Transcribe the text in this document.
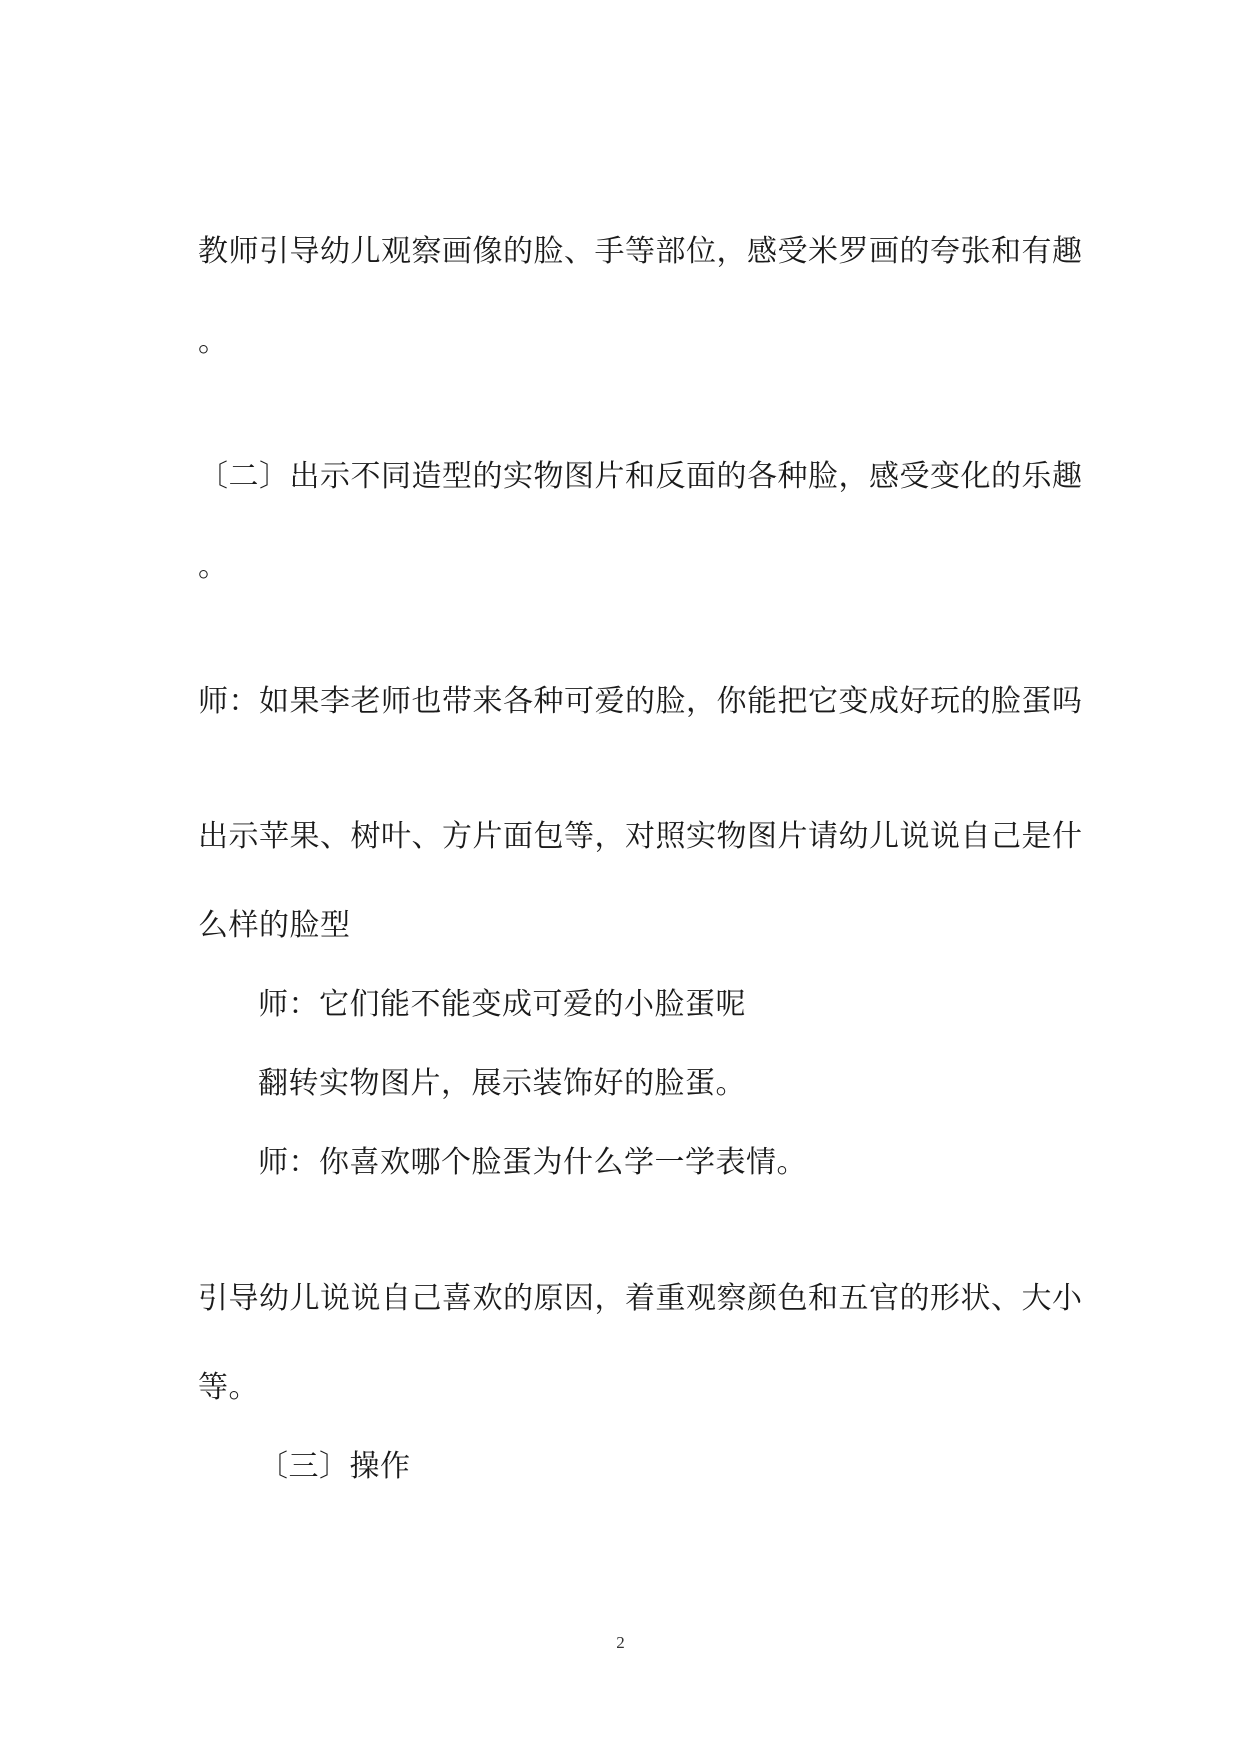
教师引导幼儿观察画像的脸、手等部位，感受米罗画的夸张和有趣
。
〔二〕出示不同造型的实物图片和反面的各种脸，感受变化的乐趣
。
师：如果李老师也带来各种可爱的脸，你能把它变成好玩的脸蛋吗
出示苹果、树叶、方片面包等，对照实物图片请幼儿说说自己是什
么样的脸型
师：它们能不能变成可爱的小脸蛋呢
翻转实物图片，展示装饰好的脸蛋。
师：你喜欢哪个脸蛋为什么学一学表情。
引导幼儿说说自己喜欢的原因，着重观察颜色和五官的形状、大小
等。
〔三〕操作
2
